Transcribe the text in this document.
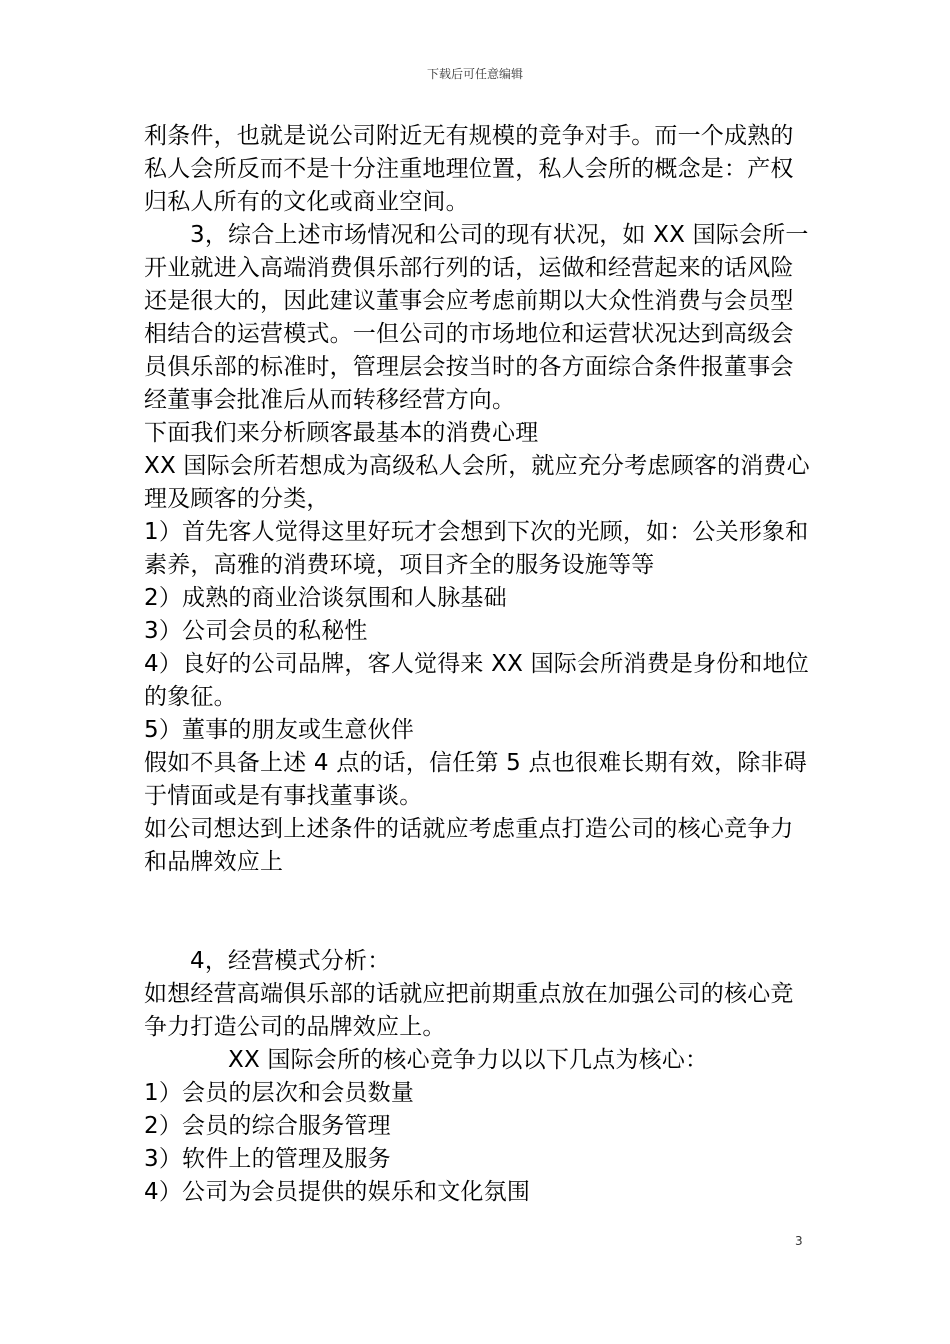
下载后可任意编辑
利条件，也就是说公司附近无有规模的竞争对手。而一个成熟的
私人会所反而不是十分注重地理位置，私人会所的概念是：产权
归私人所有的文化或商业空间。
3，综合上述市场情况和公司的现有状况，如 XX 国际会所一
开业就进入高端消费俱乐部行列的话，运做和经营起来的话风险
还是很大的，因此建议董事会应考虑前期以大众性消费与会员型
相结合的运营模式。一但公司的市场地位和运营状况达到高级会
员俱乐部的标准时，管理层会按当时的各方面综合条件报董事会
经董事会批准后从而转移经营方向。
下面我们来分析顾客最基本的消费心理
XX 国际会所若想成为高级私人会所，就应充分考虑顾客的消费心
理及顾客的分类，
1）首先客人觉得这里好玩才会想到下次的光顾，如：公关形象和
素养，高雅的消费环境，项目齐全的服务设施等等
2）成熟的商业洽谈氛围和人脉基础
3）公司会员的私秘性
4）良好的公司品牌，客人觉得来 XX 国际会所消费是身份和地位
的象征。
5）董事的朋友或生意伙伴
假如不具备上述 4 点的话，信任第 5 点也很难长期有效，除非碍
于情面或是有事找董事谈。
如公司想达到上述条件的话就应考虑重点打造公司的核心竞争力
和品牌效应上
4，经营模式分析：
如想经营高端俱乐部的话就应把前期重点放在加强公司的核心竞
争力打造公司的品牌效应上。
XX 国际会所的核心竞争力以以下几点为核心：
1）会员的层次和会员数量
2）会员的综合服务管理
3）软件上的管理及服务
4）公司为会员提供的娱乐和文化氛围
3
